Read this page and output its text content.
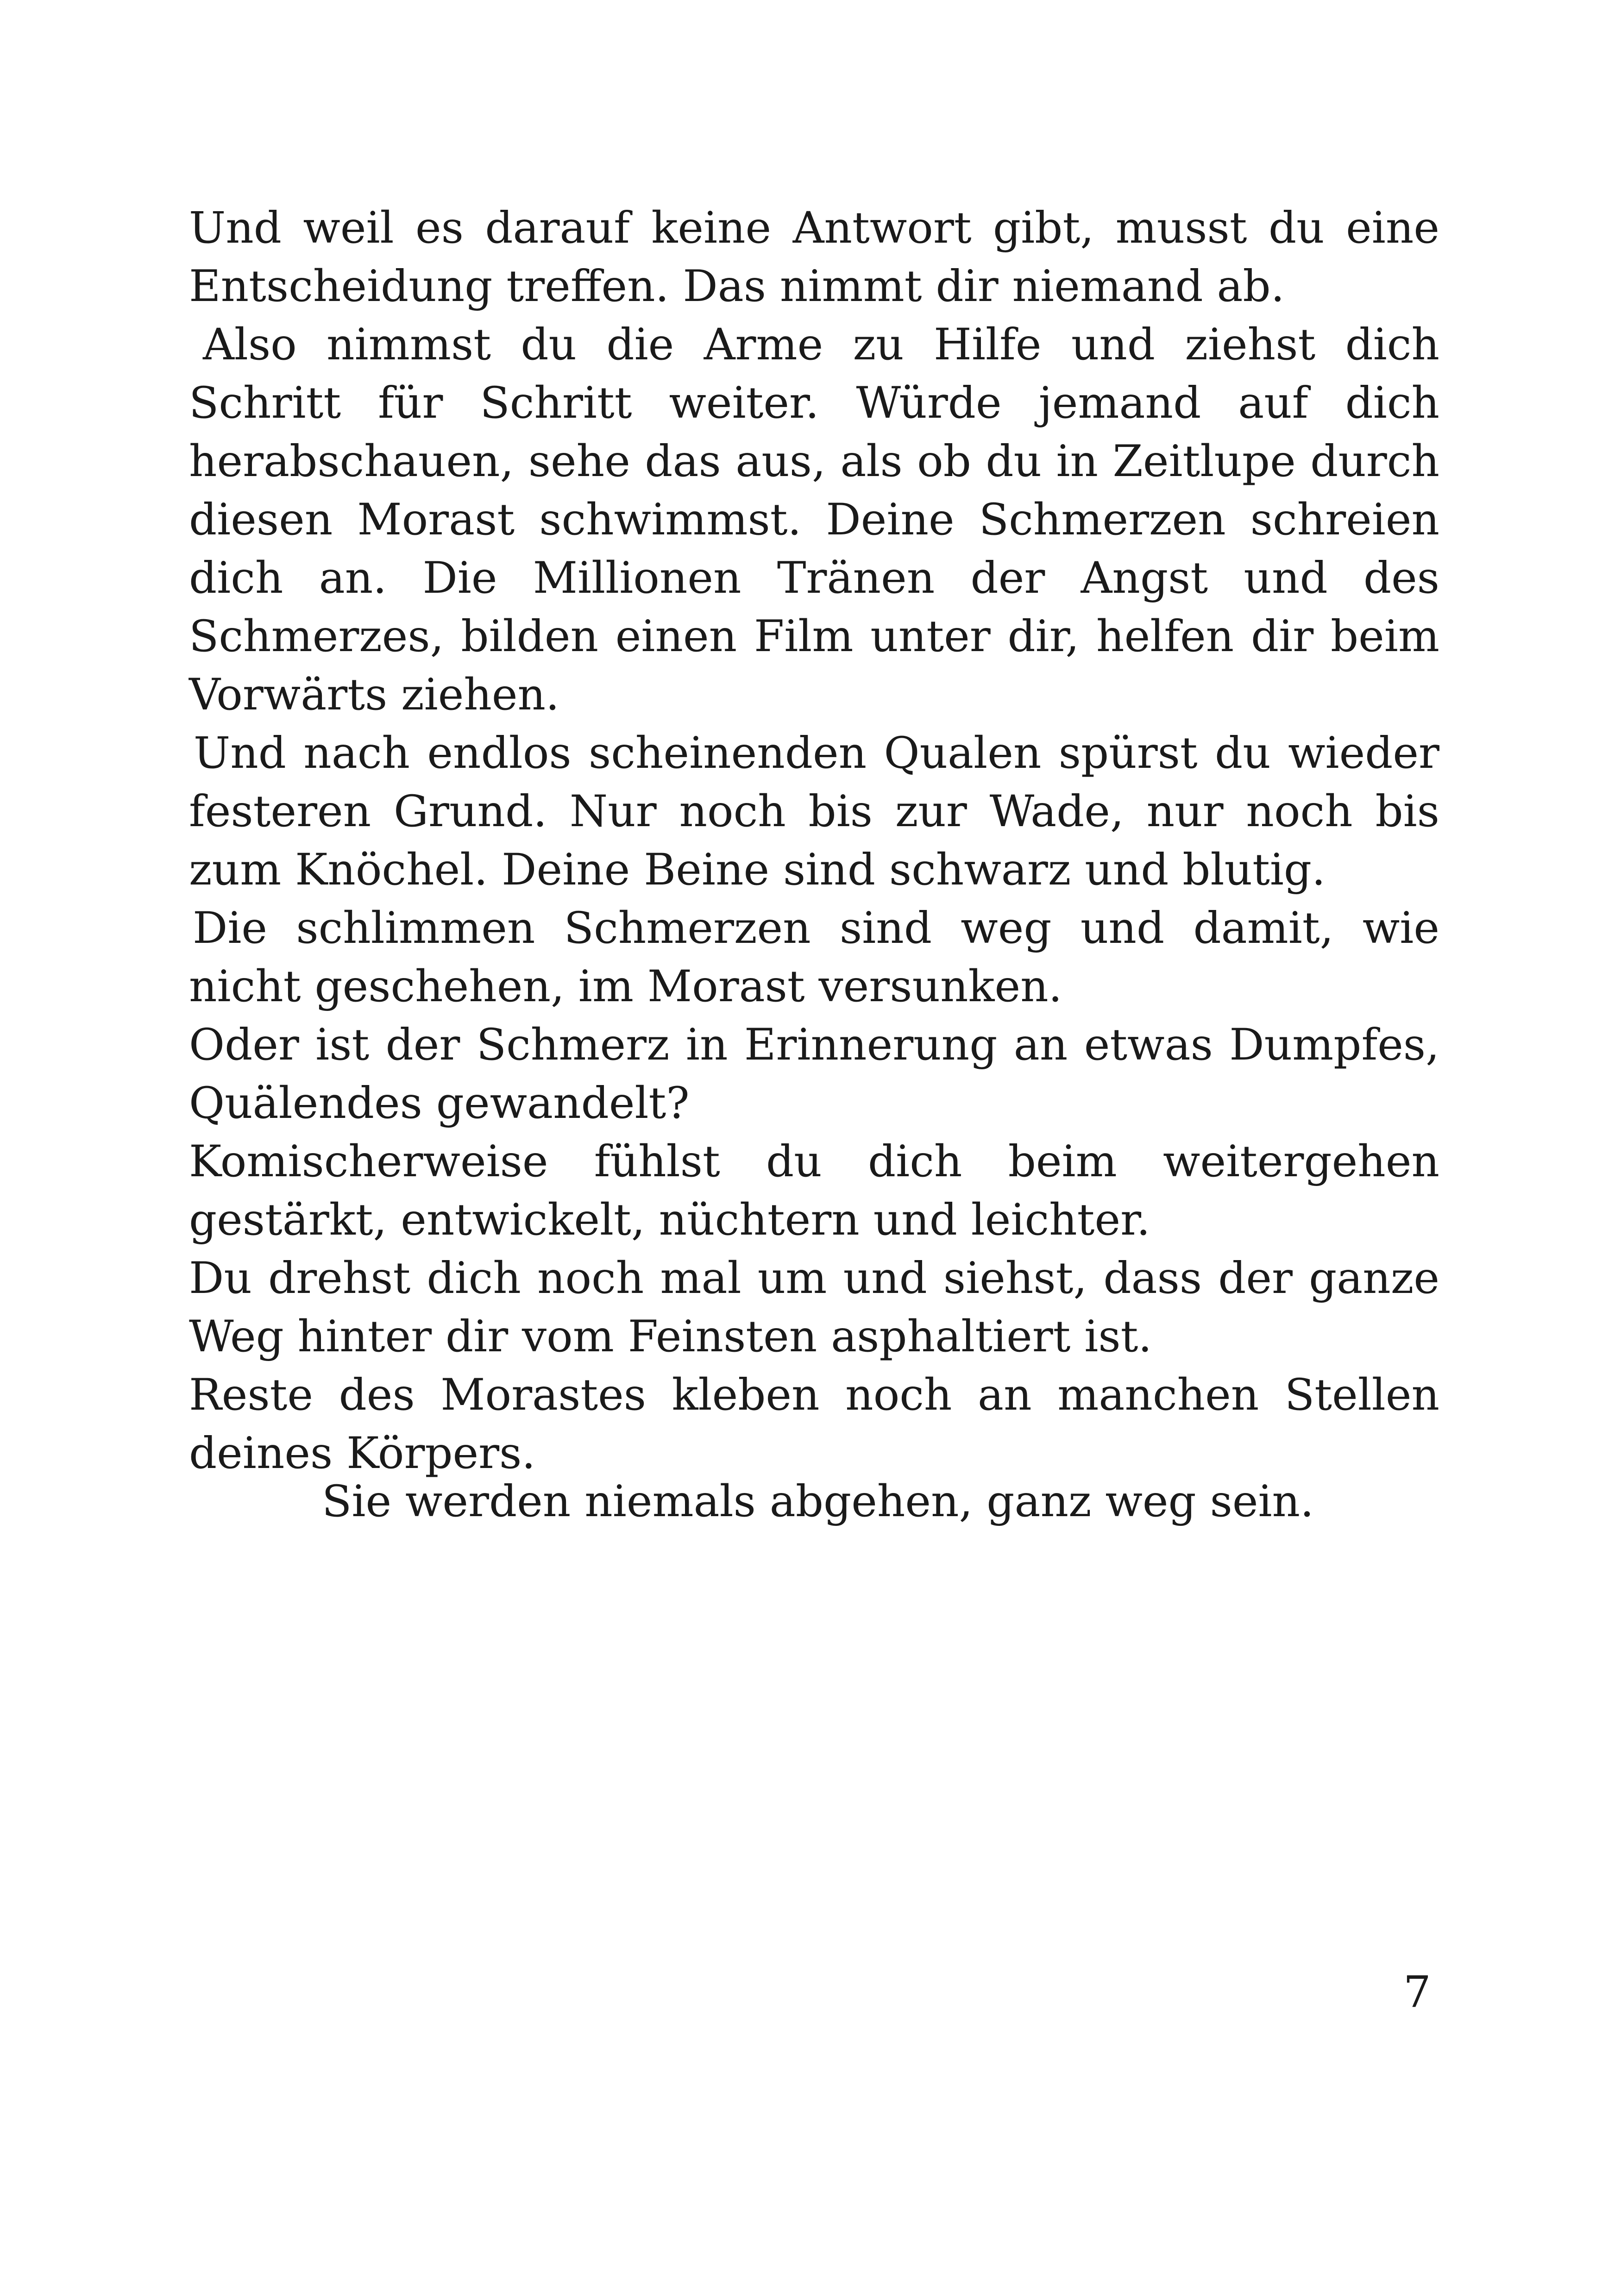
Und weil es darauf keine Antwort gibt, musst du eine Entscheidung treffen. Das nimmt dir niemand ab.

Also nimmst du die Arme zu Hilfe und ziehst dich Schritt für Schritt weiter. Würde jemand auf dich herabschauen, sehe das aus, als ob du in Zeitlupe durch diesen Morast schwimmst. Deine Schmerzen schreien dich an. Die Millionen Tränen der Angst und des Schmerzes, bilden einen Film unter dir, helfen dir beim Vorwärts ziehen.

Und nach endlos scheinenden Qualen spürst du wieder festeren Grund. Nur noch bis zur Wade, nur noch bis zum Knöchel. Deine Beine sind schwarz und blutig.

Die schlimmen Schmerzen sind weg und damit, wie nicht geschehen, im Morast versunken.

Oder ist der Schmerz in Erinnerung an etwas Dumpfes, Quälendes gewandelt?

Komischerweise fühlst du dich beim weitergehen gestärkt, entwickelt, nüchtern und leichter.

Du drehst dich noch mal um und siehst, dass der ganze Weg hinter dir vom Feinsten asphaltiert ist.

Reste des Morastes kleben noch an manchen Stellen deines Körpers.

Sie werden niemals abgehen, ganz weg sein.
7
